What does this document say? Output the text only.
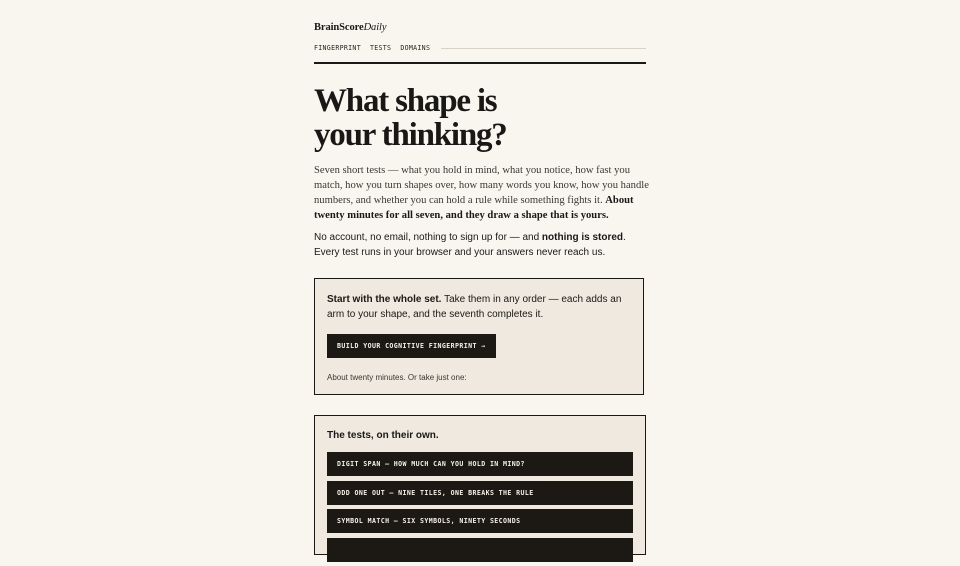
BrainScoreDaily
FINGERPRINT TESTS DOMAINS
What shape is
your thinking?

Seven short tests — what you hold in mind, what you notice, how fast you match, how you turn shapes over, how many words you know, how you handle numbers, and whether you can hold a rule while something fights it. About twenty minutes for all seven, and they draw a shape that is yours.

No account, no email, nothing to sign up for — and nothing is stored. Every test runs in your browser and your answers never reach us.

Start with the whole set. Take them in any order — each adds an arm to your shape, and the seventh completes it.

BUILD YOUR COGNITIVE FINGERPRINT →

About twenty minutes. Or take just one:

The tests, on their own.
DIGIT SPAN — HOW MUCH CAN YOU HOLD IN MIND?
ODD ONE OUT — NINE TILES, ONE BREAKS THE RULE
SYMBOL MATCH — SIX SYMBOLS, NINETY SECONDS
